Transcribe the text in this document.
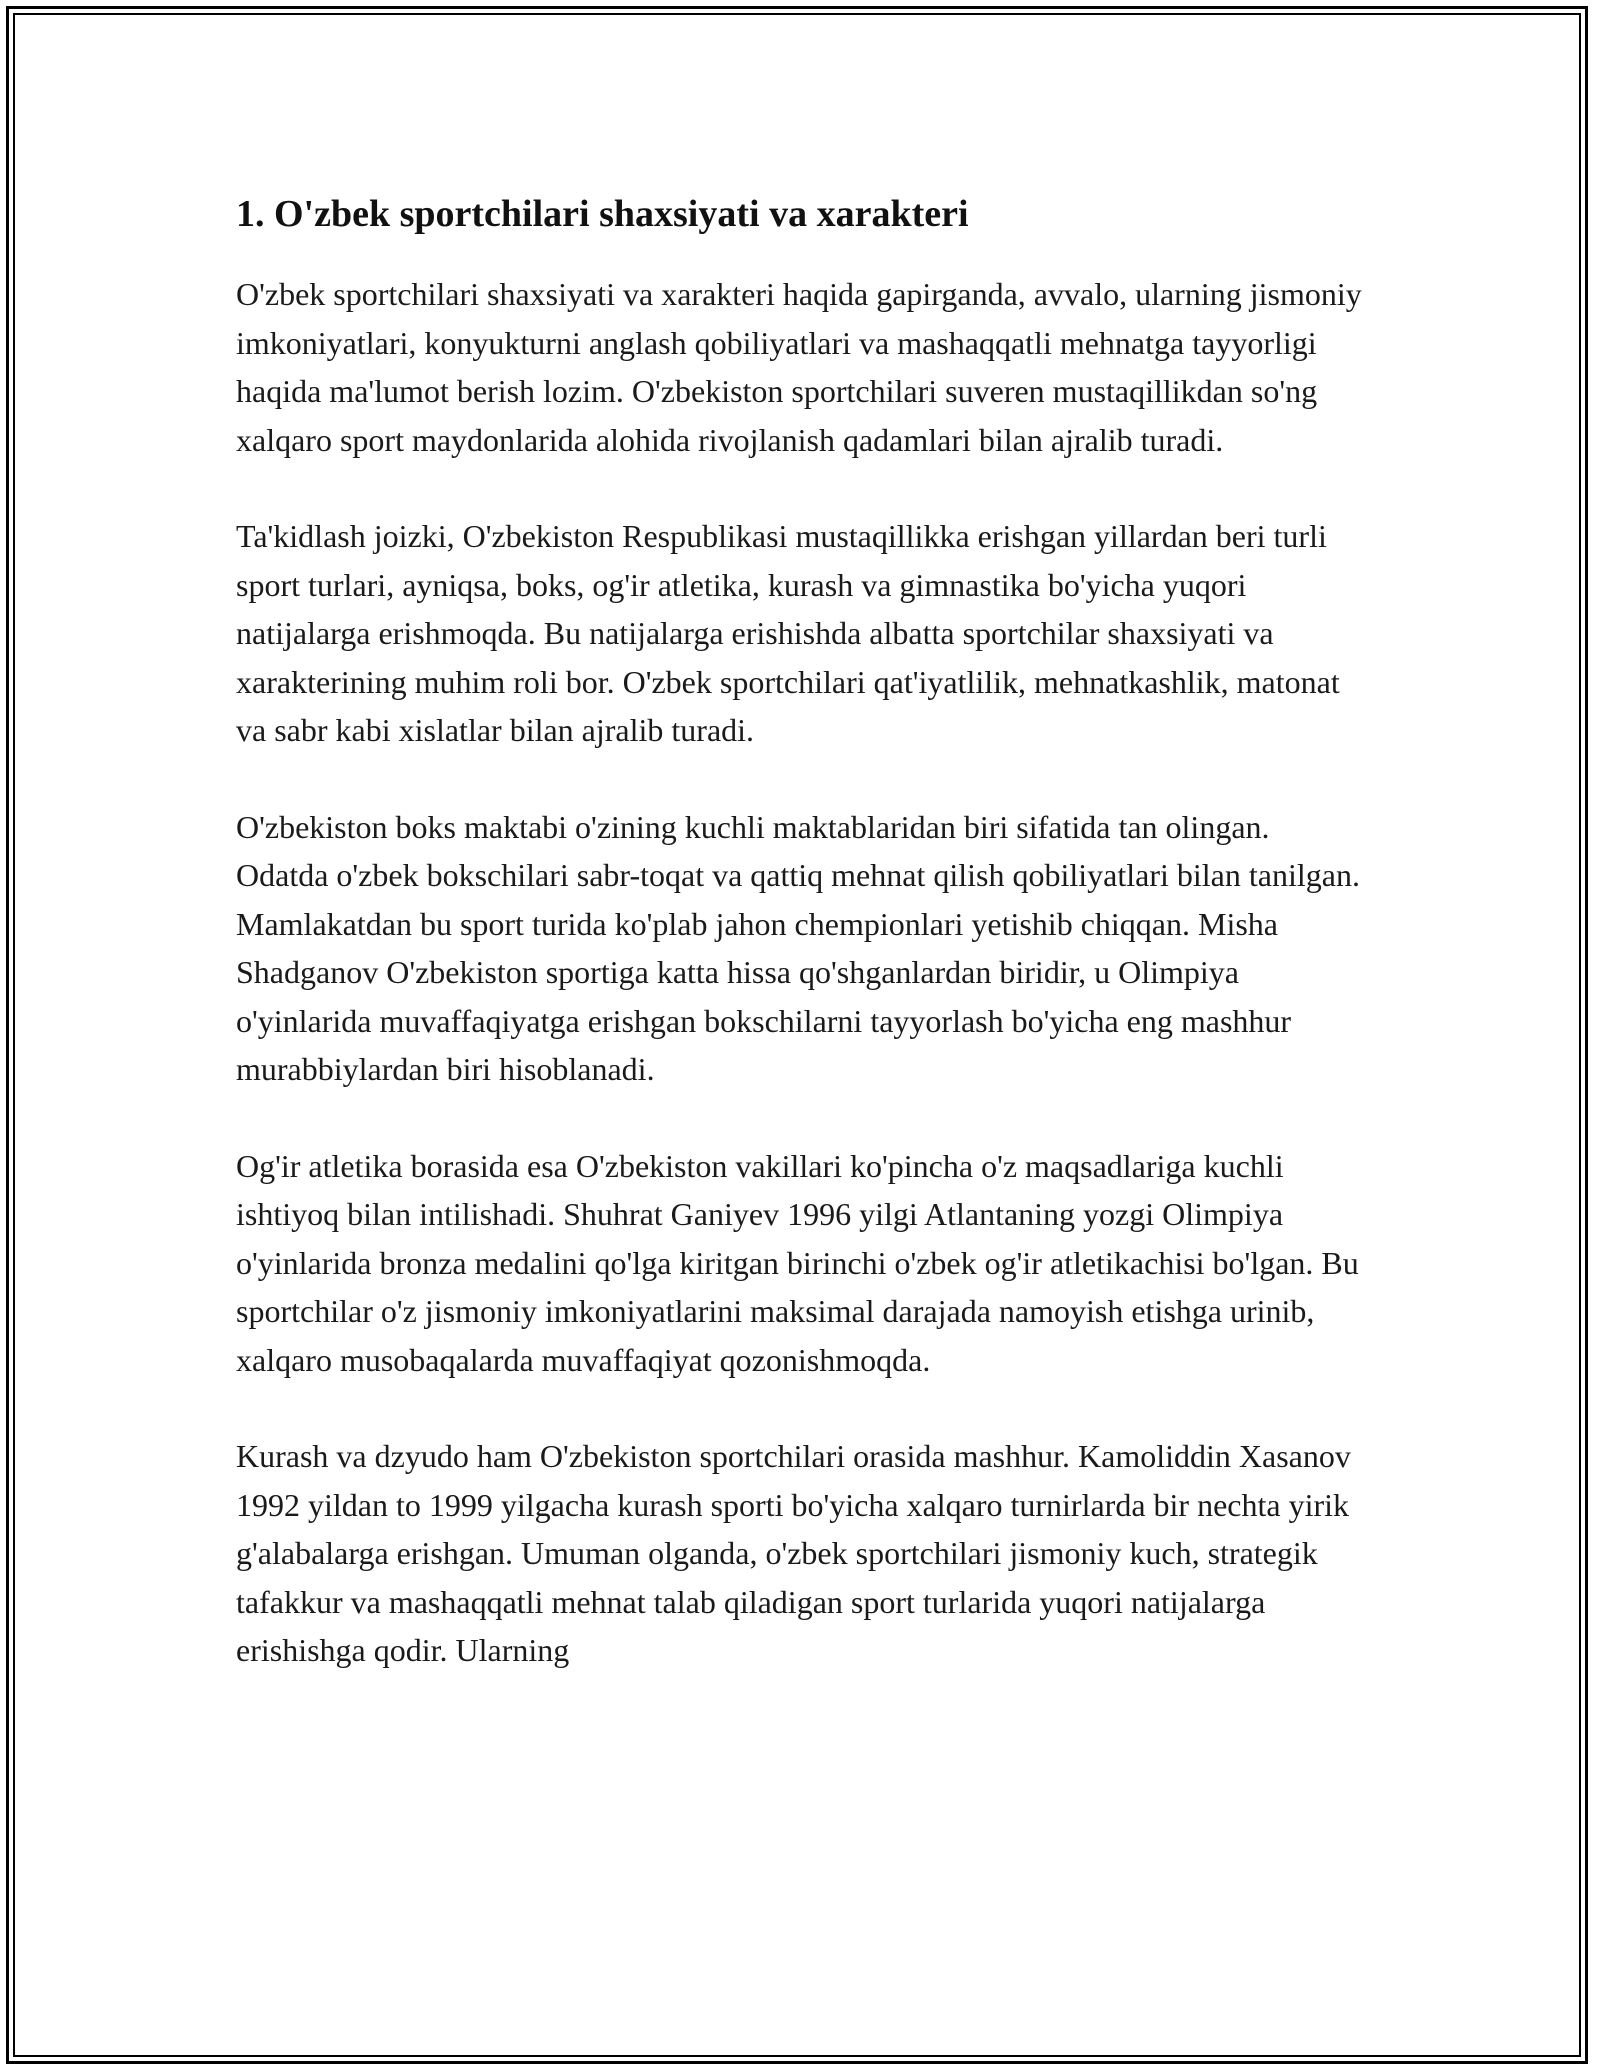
1. O'zbek sportchilari shaxsiyati va xarakteri

O'zbek sportchilari shaxsiyati va xarakteri haqida gapirganda, avvalo, ularning jismoniy imkoniyatlari, konyukturni anglash qobiliyatlari va mashaqqatli mehnatga tayyorligi haqida ma'lumot berish lozim. O'zbekiston sportchilari suveren mustaqillikdan so'ng xalqaro sport maydonlarida alohida rivojlanish qadamlari bilan ajralib turadi.

Ta'kidlash joizki, O'zbekiston Respublikasi mustaqillikka erishgan yillardan beri turli sport turlari, ayniqsa, boks, og'ir atletika, kurash va gimnastika bo'yicha yuqori natijalarga erishmoqda. Bu natijalarga erishishda albatta sportchilar shaxsiyati va xarakterining muhim roli bor. O'zbek sportchilari qat'iyatlilik, mehnatkashlik, matonat va sabr kabi xislatlar bilan ajralib turadi.

O'zbekiston boks maktabi o'zining kuchli maktablaridan biri sifatida tan olingan. Odatda o'zbek bokschilari sabr-toqat va qattiq mehnat qilish qobiliyatlari bilan tanilgan. Mamlakatdan bu sport turida ko'plab jahon chempionlari yetishib chiqqan. Misha Shadganov O'zbekiston sportiga katta hissa qo'shganlardan biridir, u Olimpiya o'yinlarida muvaffaqiyatga erishgan bokschilarni tayyorlash bo'yicha eng mashhur murabbiylardan biri hisoblanadi.

Og'ir atletika borasida esa O'zbekiston vakillari ko'pincha o'z maqsadlariga kuchli ishtiyoq bilan intilishadi. Shuhrat Ganiyev 1996 yilgi Atlantaning yozgi Olimpiya o'yinlarida bronza medalini qo'lga kiritgan birinchi o'zbek og'ir atletikachisi bo'lgan. Bu sportchilar o'z jismoniy imkoniyatlarini maksimal darajada namoyish etishga urinib, xalqaro musobaqalarda muvaffaqiyat qozonishmoqda.

Kurash va dzyudo ham O'zbekiston sportchilari orasida mashhur. Kamoliddin Xasanov 1992 yildan to 1999 yilgacha kurash sporti bo'yicha xalqaro turnirlarda bir nechta yirik g'alabalarga erishgan. Umuman olganda, o'zbek sportchilari jismoniy kuch, strategik tafakkur va mashaqqatli mehnat talab qiladigan sport turlarida yuqori natijalarga erishishga qodir. Ularning
